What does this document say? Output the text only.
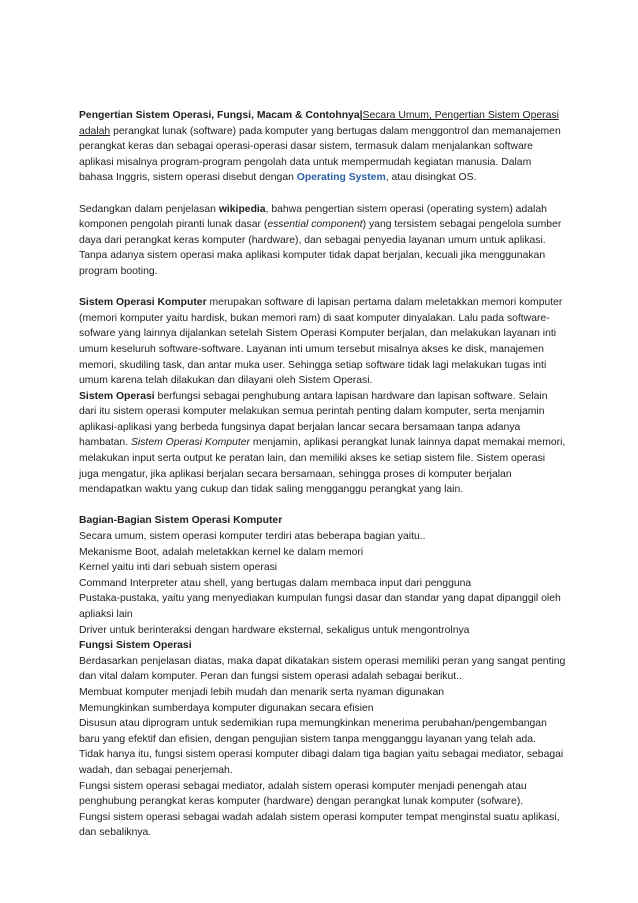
Pengertian Sistem Operasi, Fungsi, Macam & Contohnya|Secara Umum, Pengertian Sistem Operasi adalah perangkat lunak (software) pada komputer yang bertugas dalam menggontrol dan memanajemen perangkat keras dan sebagai operasi-operasi dasar sistem, termasuk dalam menjalankan software aplikasi misalnya program-program pengolah data untuk mempermudah kegiatan manusia. Dalam bahasa Inggris, sistem operasi disebut dengan Operating System, atau disingkat OS.

Sedangkan dalam penjelasan wikipedia, bahwa pengertian sistem operasi (operating system) adalah komponen pengolah piranti lunak dasar (essential component) yang tersistem sebagai pengelola sumber daya dari perangkat keras komputer (hardware), dan sebagai penyedia layanan umum untuk aplikasi. Tanpa adanya sistem operasi maka aplikasi komputer tidak dapat berjalan, kecuali jika menggunakan program booting.

Sistem Operasi Komputer merupakan software di lapisan pertama dalam meletakkan memori komputer (memori komputer yaitu hardisk, bukan memori ram) di saat komputer dinyalakan. Lalu pada software-sofware yang lainnya dijalankan setelah Sistem Operasi Komputer berjalan, dan melakukan layanan inti umum keseluruh software-software. Layanan inti umum tersebut misalnya akses ke disk, manajemen memori, skudiling task, dan antar muka user. Sehingga setiap software tidak lagi melakukan tugas inti umum karena telah dilakukan dan dilayani oleh Sistem Operasi.

Sistem Operasi berfungsi sebagai penghubung antara lapisan hardware dan lapisan software. Selain dari itu sistem operasi komputer melakukan semua perintah penting dalam komputer, serta menjamin aplikasi-aplikasi yang berbeda fungsinya dapat berjalan lancar secara bersamaan tanpa adanya hambatan. Sistem Operasi Komputer menjamin, aplikasi perangkat lunak lainnya dapat memakai memori, melakukan input serta output ke peratan lain, dan memiliki akses ke setiap sistem file. Sistem operasi juga mengatur, jika aplikasi berjalan secara bersamaan, sehingga proses di komputer berjalan mendapatkan waktu yang cukup dan tidak saling mengganggu perangkat yang lain.

Bagian-Bagian Sistem Operasi Komputer

Secara umum, sistem operasi komputer terdiri atas beberapa bagian yaitu..

Mekanisme Boot, adalah meletakkan kernel ke dalam memori

Kernel yaitu inti dari sebuah sistem operasi

Command Interpreter atau shell, yang bertugas dalam membaca input dari pengguna

Pustaka-pustaka, yaitu yang menyediakan kumpulan fungsi dasar dan standar yang dapat dipanggil oleh apliaksi lain

Driver untuk berinteraksi dengan hardware eksternal, sekaligus untuk mengontrolnya

Fungsi Sistem Operasi

Berdasarkan penjelasan diatas, maka dapat dikatakan sistem operasi memiliki peran yang sangat penting dan vital dalam komputer. Peran dan fungsi sistem operasi adalah sebagai berikut..

Membuat komputer menjadi lebih mudah dan menarik serta nyaman digunakan

Memungkinkan sumberdaya komputer digunakan secara efisien

Disusun atau diprogram untuk sedemikian rupa memungkinkan menerima perubahan/pengembangan baru yang efektif dan efisien, dengan pengujian sistem tanpa mengganggu layanan yang telah ada.

Tidak hanya itu, fungsi sistem operasi komputer dibagi dalam tiga bagian yaitu sebagai mediator, sebagai wadah, dan sebagai penerjemah.

Fungsi sistem operasi sebagai mediator, adalah sistem operasi komputer menjadi penengah atau penghubung perangkat keras komputer (hardware) dengan perangkat lunak komputer (sofware).

Fungsi sistem operasi sebagai wadah adalah sistem operasi komputer tempat menginstal suatu aplikasi, dan sebaliknya.
